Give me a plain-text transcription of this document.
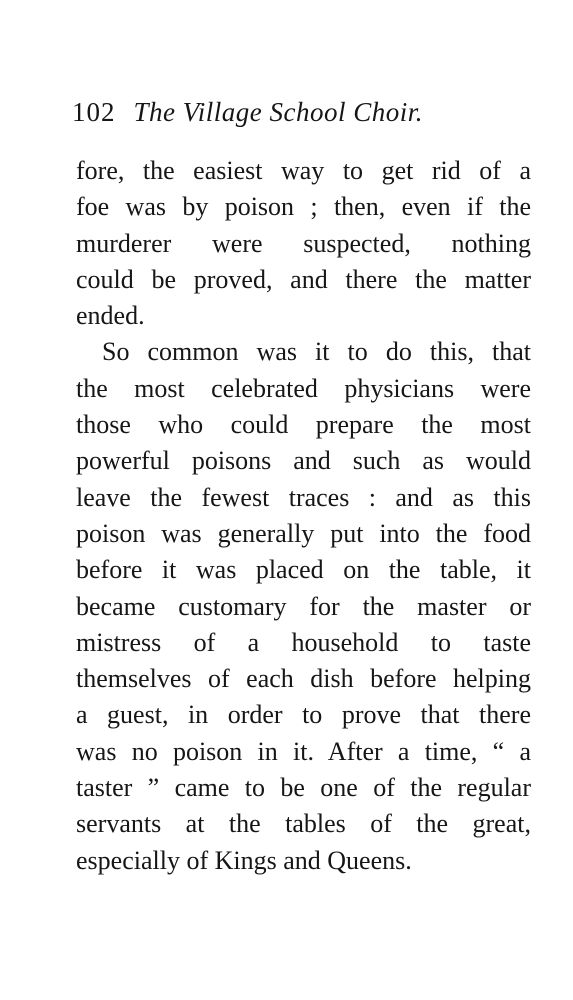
102 The Village School Choir.
fore, the easiest way to get rid of a
foe was by poison ; then, even if the
murderer were suspected, nothing
could be proved, and there the matter
ended.
So common was it to do this, that
the most celebrated physicians were
those who could prepare the most
powerful poisons and such as would
leave the fewest traces : and as this
poison was generally put into the food
before it was placed on the table, it
became customary for the master or
mistress of a household to taste
themselves of each dish before helping
a guest, in order to prove that there
was no poison in it. After a time, “ a
taster ” came to be one of the regular
servants at the tables of the great,
especially of Kings and Queens.
